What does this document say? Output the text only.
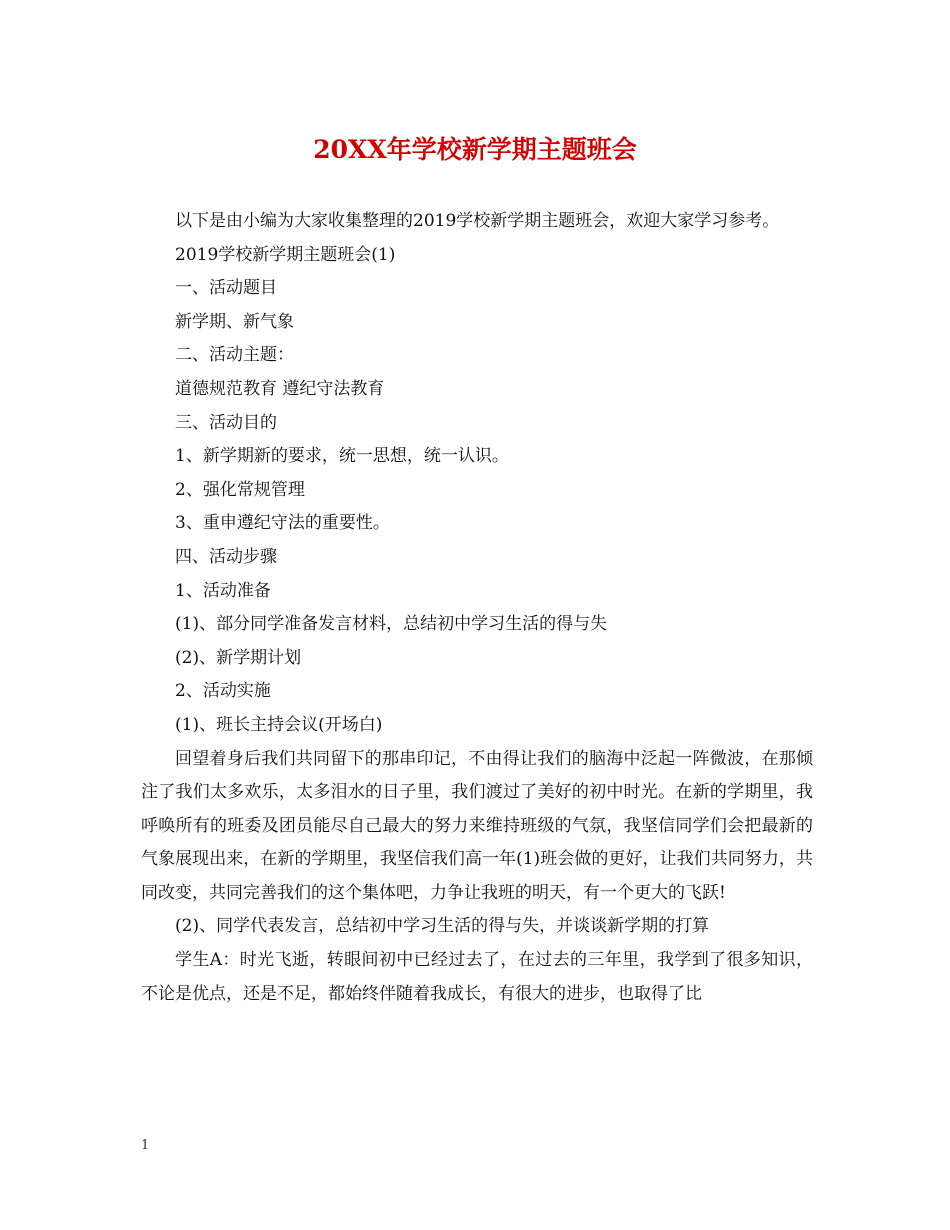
20XX年学校新学期主题班会

以下是由小编为大家收集整理的2019学校新学期主题班会，欢迎大家学习参考。

2019学校新学期主题班会(1)

一、活动题目

新学期、新气象

二、活动主题：

道德规范教育 遵纪守法教育

三、活动目的

1、新学期新的要求，统一思想，统一认识。

2、强化常规管理

3、重申遵纪守法的重要性。

四、活动步骤

1、活动准备

(1)、部分同学准备发言材料，总结初中学习生活的得与失

(2)、新学期计划

2、活动实施

(1)、班长主持会议(开场白)

回望着身后我们共同留下的那串印记，不由得让我们的脑海中泛起一阵微波，在那倾注了我们太多欢乐，太多泪水的日子里，我们渡过了美好的初中时光。在新的学期里，我呼唤所有的班委及团员能尽自己最大的努力来维持班级的气氛，我坚信同学们会把最新的气象展现出来，在新的学期里，我坚信我们高一年(1)班会做的更好，让我们共同努力，共同改变，共同完善我们的这个集体吧，力争让我班的明天，有一个更大的飞跃!

(2)、同学代表发言，总结初中学习生活的得与失，并谈谈新学期的打算

学生A：时光飞逝，转眼间初中已经过去了，在过去的三年里，我学到了很多知识，不论是优点，还是不足，都始终伴随着我成长，有很大的进步，也取得了比

1
